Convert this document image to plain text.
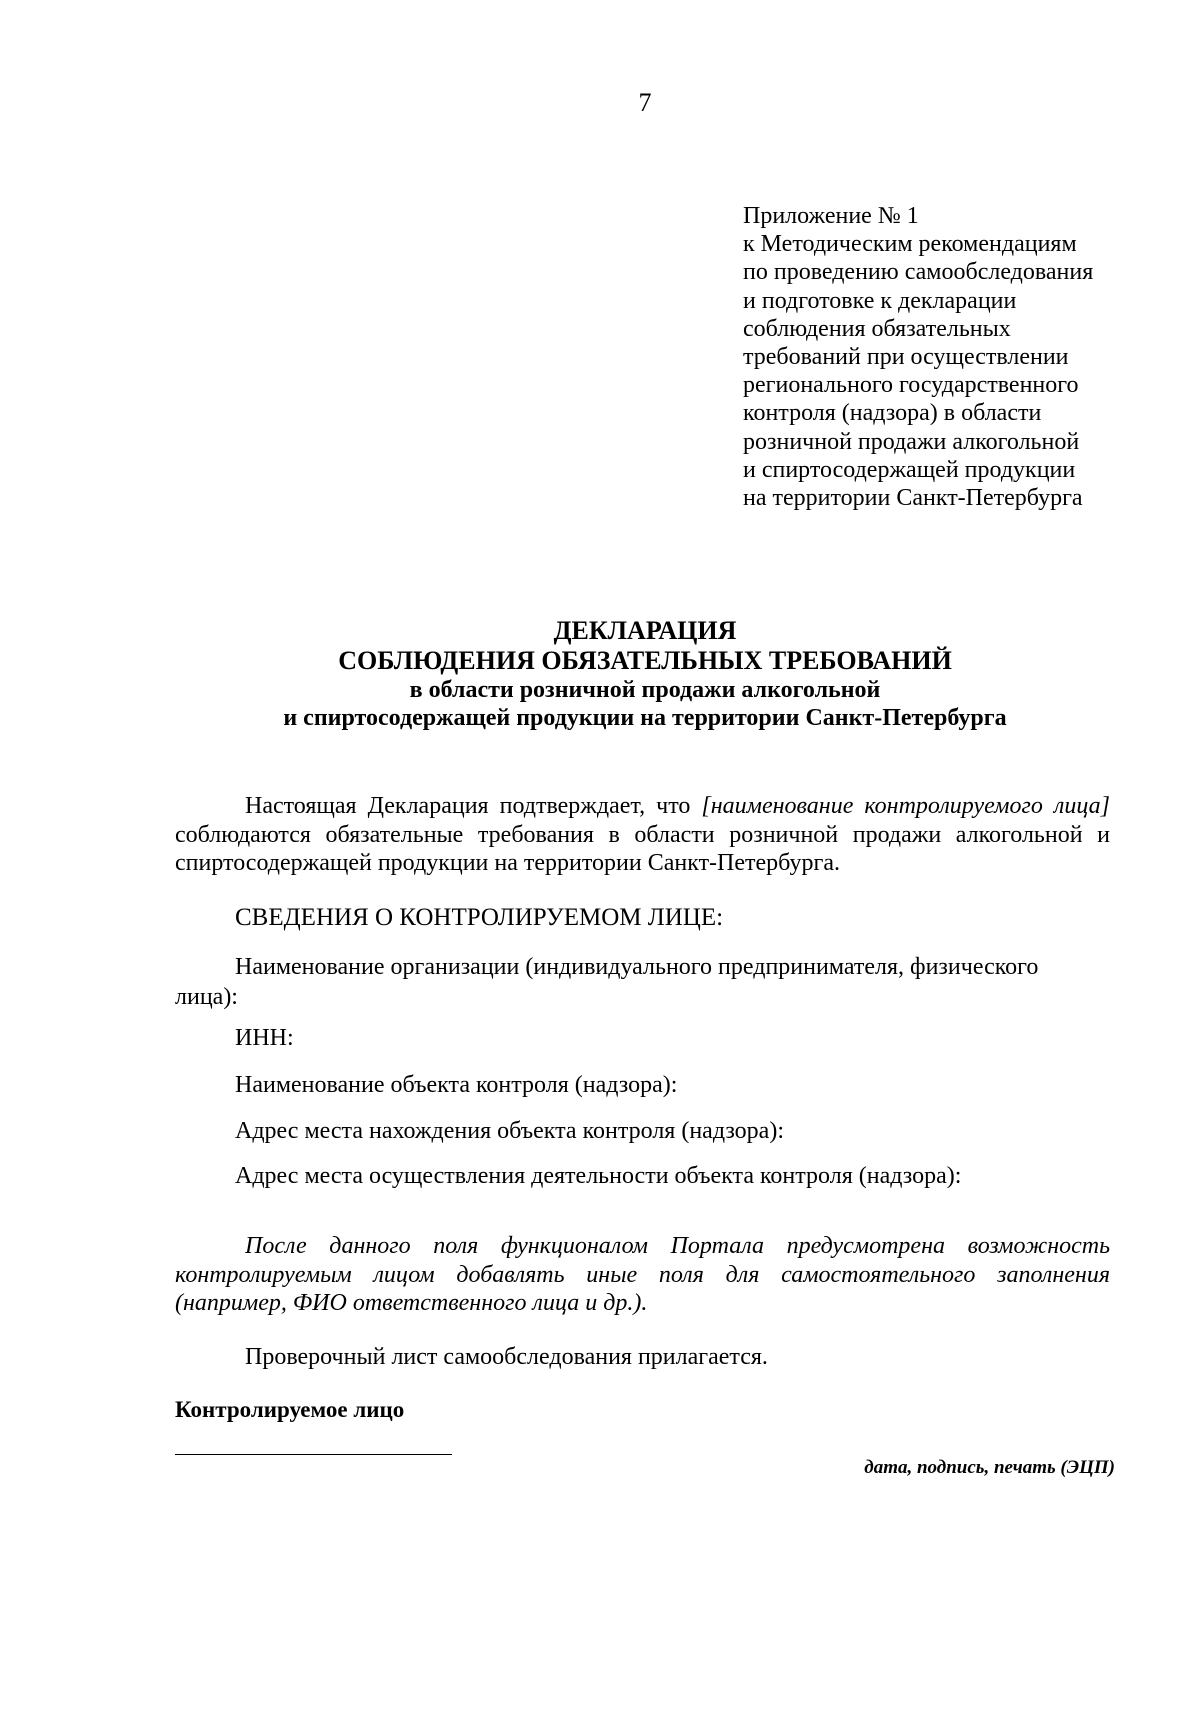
7
Приложение № 1
к Методическим рекомендациям
по проведению самообследования
и подготовке к декларации
соблюдения обязательных
требований при осуществлении
регионального государственного
контроля (надзора) в области
розничной продажи алкогольной
и спиртосодержащей продукции
на территории Санкт-Петербурга
ДЕКЛАРАЦИЯ
СОБЛЮДЕНИЯ ОБЯЗАТЕЛЬНЫХ ТРЕБОВАНИЙ
в области розничной продажи алкогольной
и спиртосодержащей продукции на территории Санкт-Петербурга
Настоящая Декларация подтверждает, что [наименование контролируемого лица] соблюдаются обязательные требования в области розничной продажи алкогольной и спиртосодержащей продукции на территории Санкт-Петербурга.
СВЕДЕНИЯ О КОНТРОЛИРУЕМОМ ЛИЦЕ:
Наименование организации (индивидуального предпринимателя, физического лица):
ИНН:
Наименование объекта контроля (надзора):
Адрес места нахождения объекта контроля (надзора):
Адрес места осуществления деятельности объекта контроля (надзора):
После данного поля функционалом Портала предусмотрена возможность контролируемым лицом добавлять иные поля для самостоятельного заполнения (например, ФИО ответственного лица и др.).
Проверочный лист самообследования прилагается.
Контролируемое лицо
дата, подпись, печать (ЭЦП)
